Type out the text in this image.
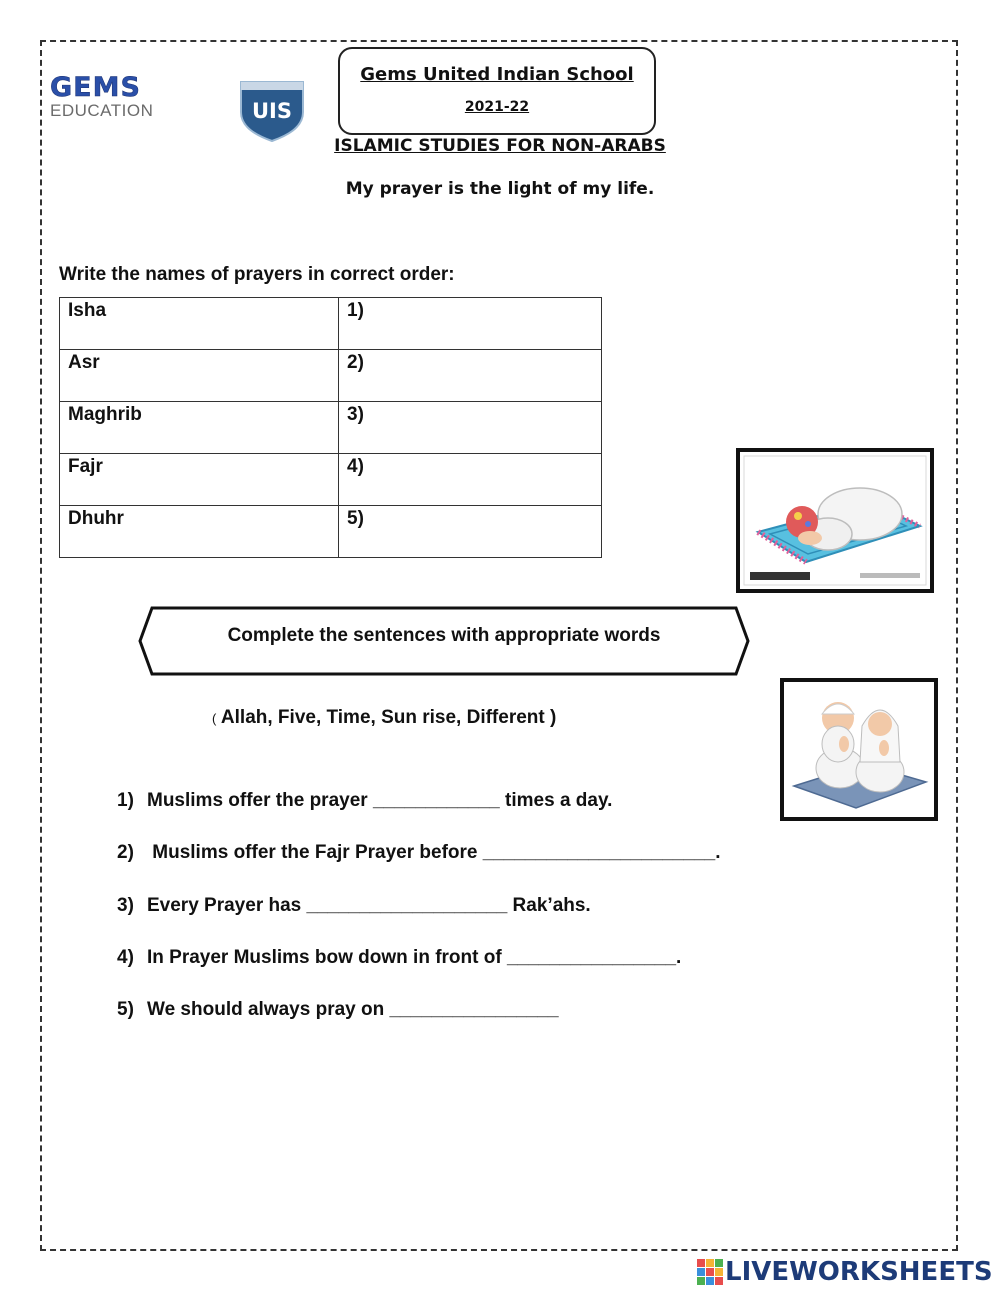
GEMS
EDUCATION	UIS
Gems United Indian School
2021-22
ISLAMIC STUDIES FOR NON-ARABS
My prayer is the light of my life.
Write the names of prayers in correct order:
Isha	1)
Asr	2)
Maghrib	3)
Fajr	4)
Dhuhr	5)
Complete the sentences with appropriate words
( Allah, Five, Time, Sun rise, Different )
1) Muslims offer the prayer ____________ times a day.
2) Muslims offer the Fajr Prayer before ______________________.
3) Every Prayer has ___________________ Rak’ahs.
4) In Prayer Muslims bow down in front of ________________.
5) We should always pray on ________________
LIVEWORKSHEETS
